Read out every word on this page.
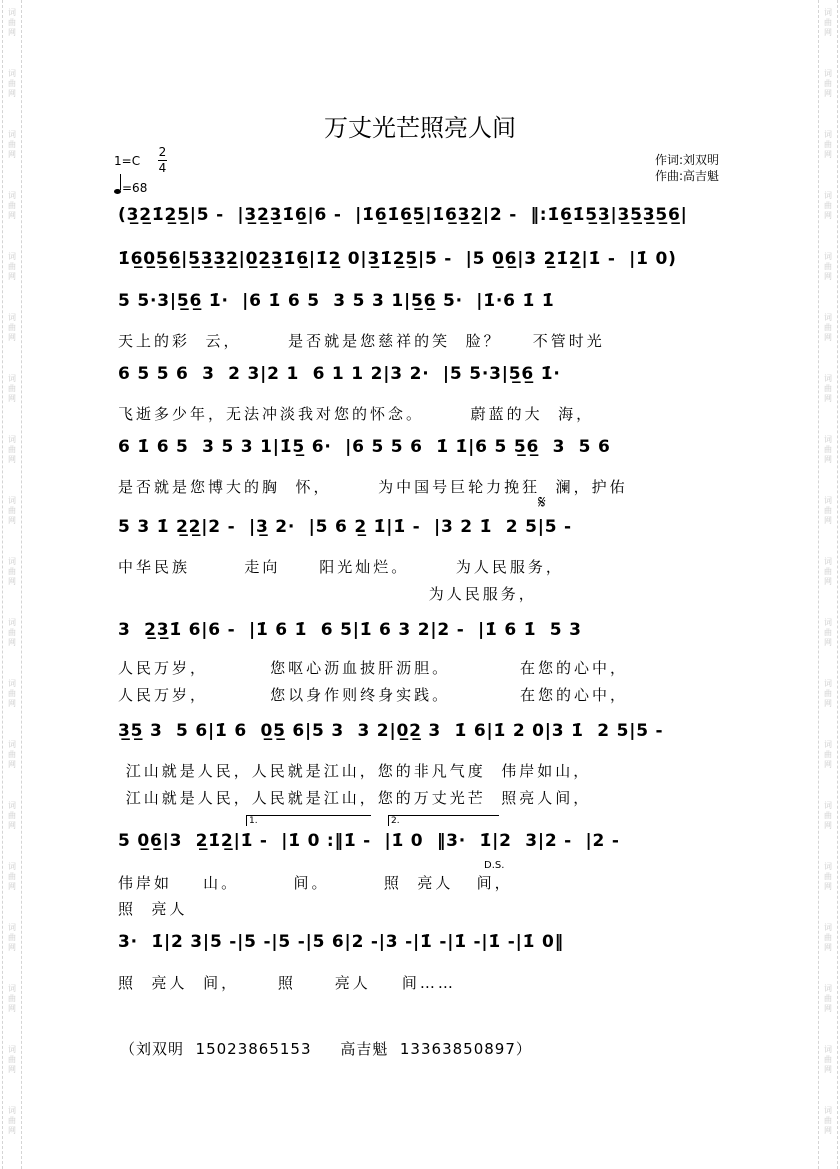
词
曲
网
词
曲
网
词
曲
网
词
曲
网
词
曲
网
词
曲
网
词
曲
网
词
曲
网
词
曲
网
词
曲
网
词
曲
网
词
曲
网
词
曲
网
词
曲
网
词
曲
网
词
曲
网
词
曲
网
词
曲
网
词
曲
网
词
曲
网
词
曲
网
词
曲
网
词
曲
网
词
曲
网
词
曲
网
词
曲
网
词
曲
网
词
曲
网
词
曲
网
词
曲
网
词
曲
网
词
曲
网
词
曲
网
词
曲
网
词
曲
网
词
曲
网
词
曲
网
词
曲
网
万丈光芒照亮人间
1=C
2
4
=68
作词:刘双明
作曲:高吉魁
(3̲2̲1̇2̲5̲|5 -  |3̲2̲3̲1̇6̲|6 -  |1̇6̲1̇6̲5̲|1̇6̲3̲2̲|2 -  ‖:1̇6̲1̇5̲3̲|3̲5̲3̲5̲6̲|
1̇6̲0̲5̲6̲|5̲3̲3̲2̲|0̲2̲3̲1̇6̲|1̇2̲ 0|3̲1̇2̲5̲|5 -  |5 0̲6̲|3 2̲1̇2̲|1̇ -  |1̇ 0)
5 5·3|5̲6̲ 1̇·  |6 1̇ 6 5  3 5 3 1|5̲6̲ 5·  |1̇·6 1̇ 1̇
天上的彩  云，      是否就是您慈祥的笑  脸？    不管时光
6 5 5 6  3  2 3|2 1  6 1 1 2|3 2·  |5 5·3|5̲6̲ 1̇·
飞逝多少年，无法冲淡我对您的怀念。      蔚蓝的大  海，
6 1̇ 6 5  3 5 3 1|1̇5̲ 6·  |6 5 5 6  1̇ 1̇|6 5 5̲6̲  3  5 6
是否就是您博大的胸  怀，      为中国号巨轮力挽狂  澜，护佑
𝄋
5 3 1̇ 2̲2̲|2 -  |3̲ 2·  |5 6 2̲ 1̇|1̇ -  |3 2 1̇  2 5|5 -
中华民族       走向     阳光灿烂。      为人民服务，
为人民服务，
3  2̲3̲1̇ 6|6 -  |1̇ 6 1̇  6 5|1̇ 6 3 2|2 -  |1̇ 6 1̇  5 3
人民万岁，        您呕心沥血披肝沥胆。         在您的心中，
人民万岁，        您以身作则终身实践。         在您的心中，
3̲5̲ 3  5 6|1̇ 6  0̲5̲ 6|5 3  3 2|0̲2̲ 3  1̇ 6|1̇ 2 0|3 1̇  2 5|5 -
江山就是人民，人民就是江山，您的非凡气度  伟岸如山，
江山就是人民，人民就是江山，您的万丈光芒  照亮人间，
1.	2.
5 0̲6̲|3  2̲1̇2̲|1̇ -  |1̇ 0 :‖1̇ -  |1̇ 0  ‖3·  1̇|2  3|2 -  |2 -
D.S.
伟岸如    山。       间。       照  亮人   间，
照  亮人
3·  1̇|2 3|5 -|5 -|5 -|5 6|2 -|3 -|1̇ -|1̇ -|1̇ -|1̇ 0‖
照  亮人  间，     照     亮人    间……
（刘双明  15023865153     高吉魁  13363850897）
